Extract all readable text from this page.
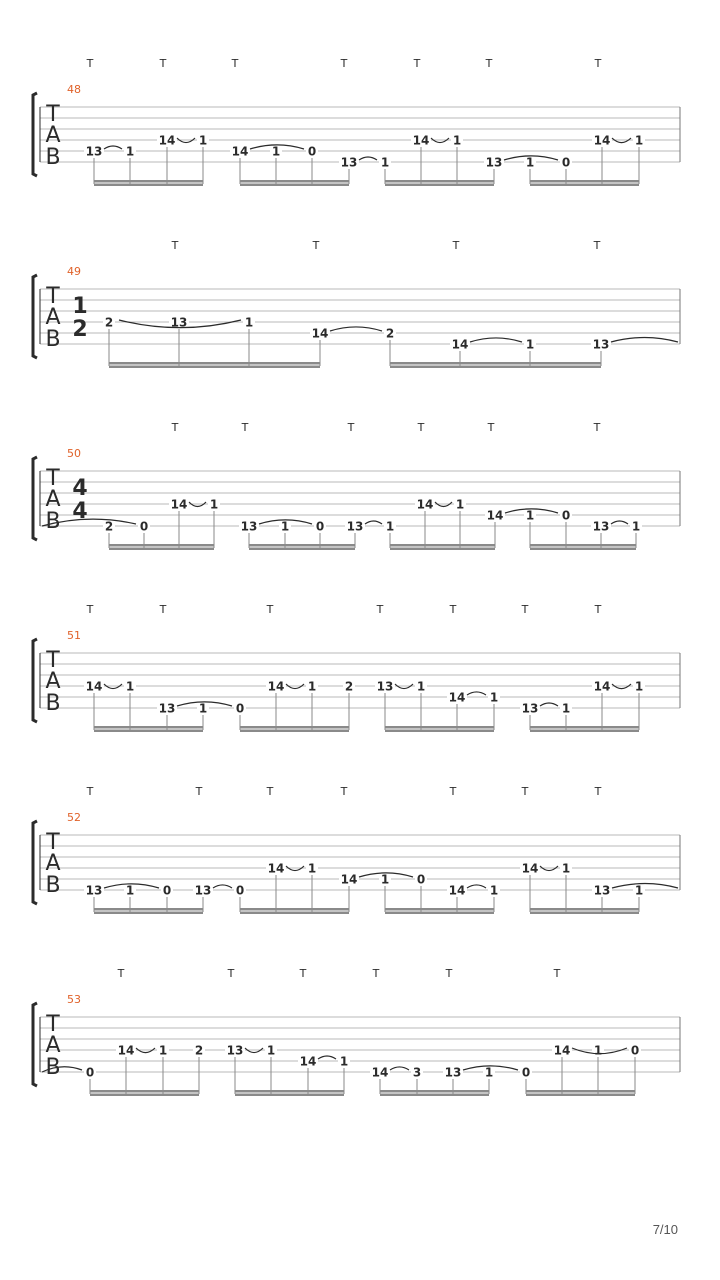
T
A
B
48
T	T	T	T	T	T	T
13 1
14 1
14 1 0
13 1
14 1
13 1 0
14 1
T
A
B
49
1
2
T	T	T	T
2	13	1
14	2
14	1	13
T
A
B
50
4
4
T	T	T	T	T	T
2 0
14 1
13 1 0 13 1
14 1
14 1 0
13 1
T
A
B
51
T	T	T	T	T	T	T
14 1
13 1 0
14 1 2 13 1
14 1
13 1
14 1
T
A
B
52
T	T	T	T	T	T	T
13 1 0 13 0
14 1
14 1 0
14 1
14 1
13 1
T
A
B
53
T	T	T	T	T	T
0
14 1 2 13 1
14 1
14 3 13 1 0
14 1 0
7/10
